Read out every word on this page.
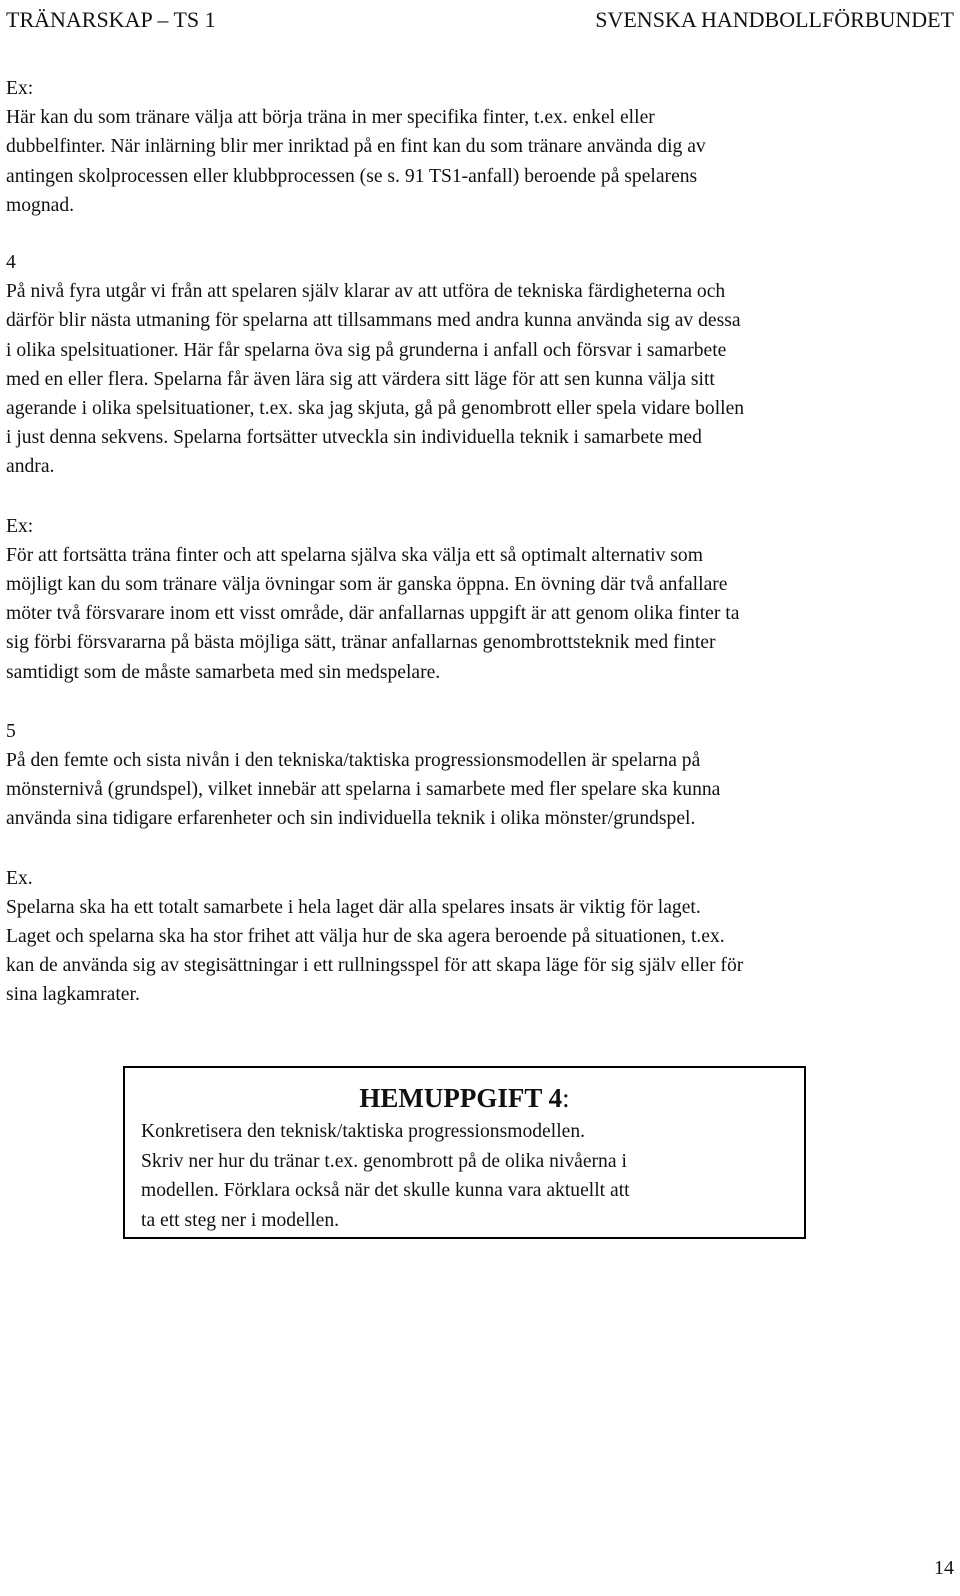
TRÄNARSKAP – TS 1	SVENSKA HANDBOLLFÖRBUNDET
Ex:
Här kan du som tränare välja att börja träna in mer specifika finter, t.ex. enkel eller
dubbelfinter. När inlärning blir mer inriktad på en fint kan du som tränare använda dig av
antingen skolprocessen eller klubbprocessen (se s. 91 TS1-anfall) beroende på spelarens
mognad.
4
På nivå fyra utgår vi från att spelaren själv klarar av att utföra de tekniska färdigheterna och
därför blir nästa utmaning för spelarna att tillsammans med andra kunna använda sig av dessa
i olika spelsituationer. Här får spelarna öva sig på grunderna i anfall och försvar i samarbete
med en eller flera. Spelarna får även lära sig att värdera sitt läge för att sen kunna välja sitt
agerande i olika spelsituationer, t.ex. ska jag skjuta, gå på genombrott eller spela vidare bollen
i just denna sekvens. Spelarna fortsätter utveckla sin individuella teknik i samarbete med
andra.
Ex:
För att fortsätta träna finter och att spelarna själva ska välja ett så optimalt alternativ som
möjligt kan du som tränare välja övningar som är ganska öppna. En övning där två anfallare
möter två försvarare inom ett visst område, där anfallarnas uppgift är att genom olika finter ta
sig förbi försvararna på bästa möjliga sätt, tränar anfallarnas genombrottsteknik med finter
samtidigt som de måste samarbeta med sin medspelare.
5
På den femte och sista nivån i den tekniska/taktiska progressionsmodellen är spelarna på
mönsternivå (grundspel), vilket innebär att spelarna i samarbete med fler spelare ska kunna
använda sina tidigare erfarenheter och sin individuella teknik i olika mönster/grundspel.
Ex.
Spelarna ska ha ett totalt samarbete i hela laget där alla spelares insats är viktig för laget.
Laget och spelarna ska ha stor frihet att välja hur de ska agera beroende på situationen, t.ex.
kan de använda sig av stegisättningar i ett rullningsspel för att skapa läge för sig själv eller för
sina lagkamrater.

HEMUPPGIFT 4:

Konkretisera den teknisk/taktiska progressionsmodellen.
Skriv ner hur du tränar t.ex. genombrott på de olika nivåerna i
modellen. Förklara också när det skulle kunna vara aktuellt att
ta ett steg ner i modellen.
14
